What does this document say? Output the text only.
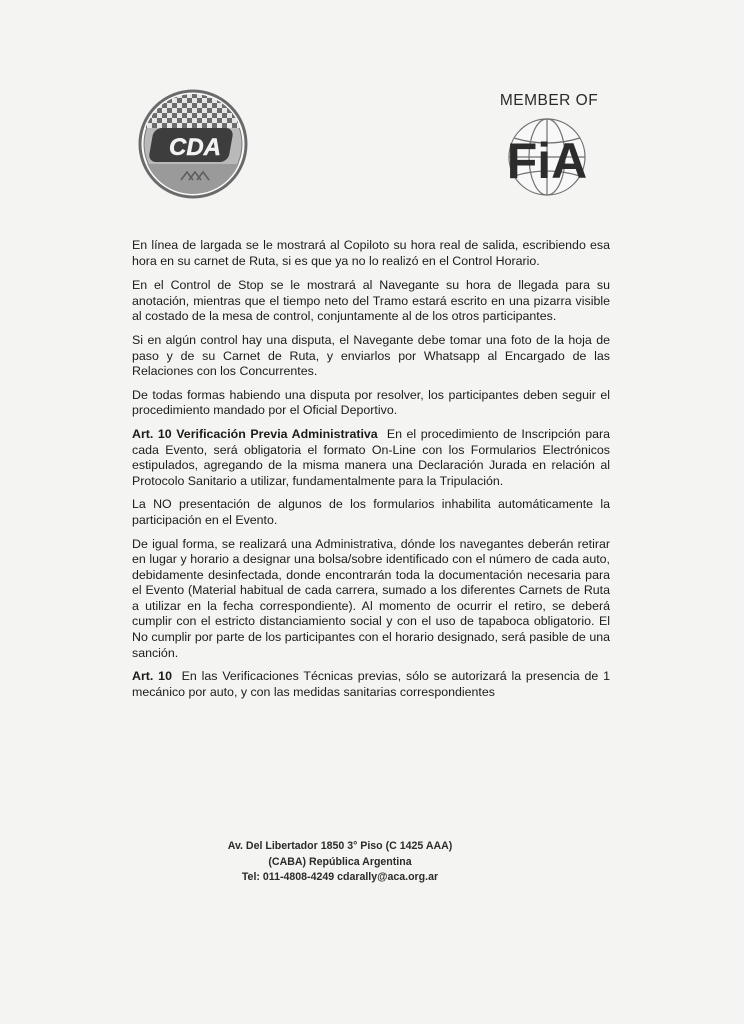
CDA
MEMBER OF
FiA

En línea de largada se le mostrará al Copiloto su hora real de salida, escribiendo esa hora en su carnet de Ruta, si es que ya no lo realizó en el Control Horario.

En el Control de Stop se le mostrará al Navegante su hora de llegada para su anotación, mientras que el tiempo neto del Tramo estará escrito en una pizarra visible al costado de la mesa de control, conjuntamente al de los otros participantes.

Si en algún control hay una disputa, el Navegante debe tomar una foto de la hoja de paso y de su Carnet de Ruta, y enviarlos por Whatsapp al Encargado de las Relaciones con los Concurrentes.

De todas formas habiendo una disputa por resolver, los participantes deben seguir el procedimiento mandado por el Oficial Deportivo.

Art. 10 Verificación Previa Administrativa En el procedimiento de Inscripción para cada Evento, será obligatoria el formato On-Line con los Formularios Electrónicos estipulados, agregando de la misma manera una Declaración Jurada en relación al Protocolo Sanitario a utilizar, fundamentalmente para la Tripulación.

La NO presentación de algunos de los formularios inhabilita automáticamente la participación en el Evento.

De igual forma, se realizará una Administrativa, dónde los navegantes deberán retirar en lugar y horario a designar una bolsa/sobre identificado con el número de cada auto, debidamente desinfectada, donde encontrarán toda la documentación necesaria para el Evento (Material habitual de cada carrera, sumado a los diferentes Carnets de Ruta a utilizar en la fecha correspondiente). Al momento de ocurrir el retiro, se deberá cumplir con el estricto distanciamiento social y con el uso de tapaboca obligatorio. El No cumplir por parte de los participantes con el horario designado, será pasible de una sanción.

Art. 10 En las Verificaciones Técnicas previas, sólo se autorizará la presencia de 1 mecánico por auto, y con las medidas sanitarias correspondientes

Av. Del Libertador 1850 3° Piso (C 1425 AAA)
(CABA) República Argentina
Tel: 011-4808-4249 cdarally@aca.org.ar
